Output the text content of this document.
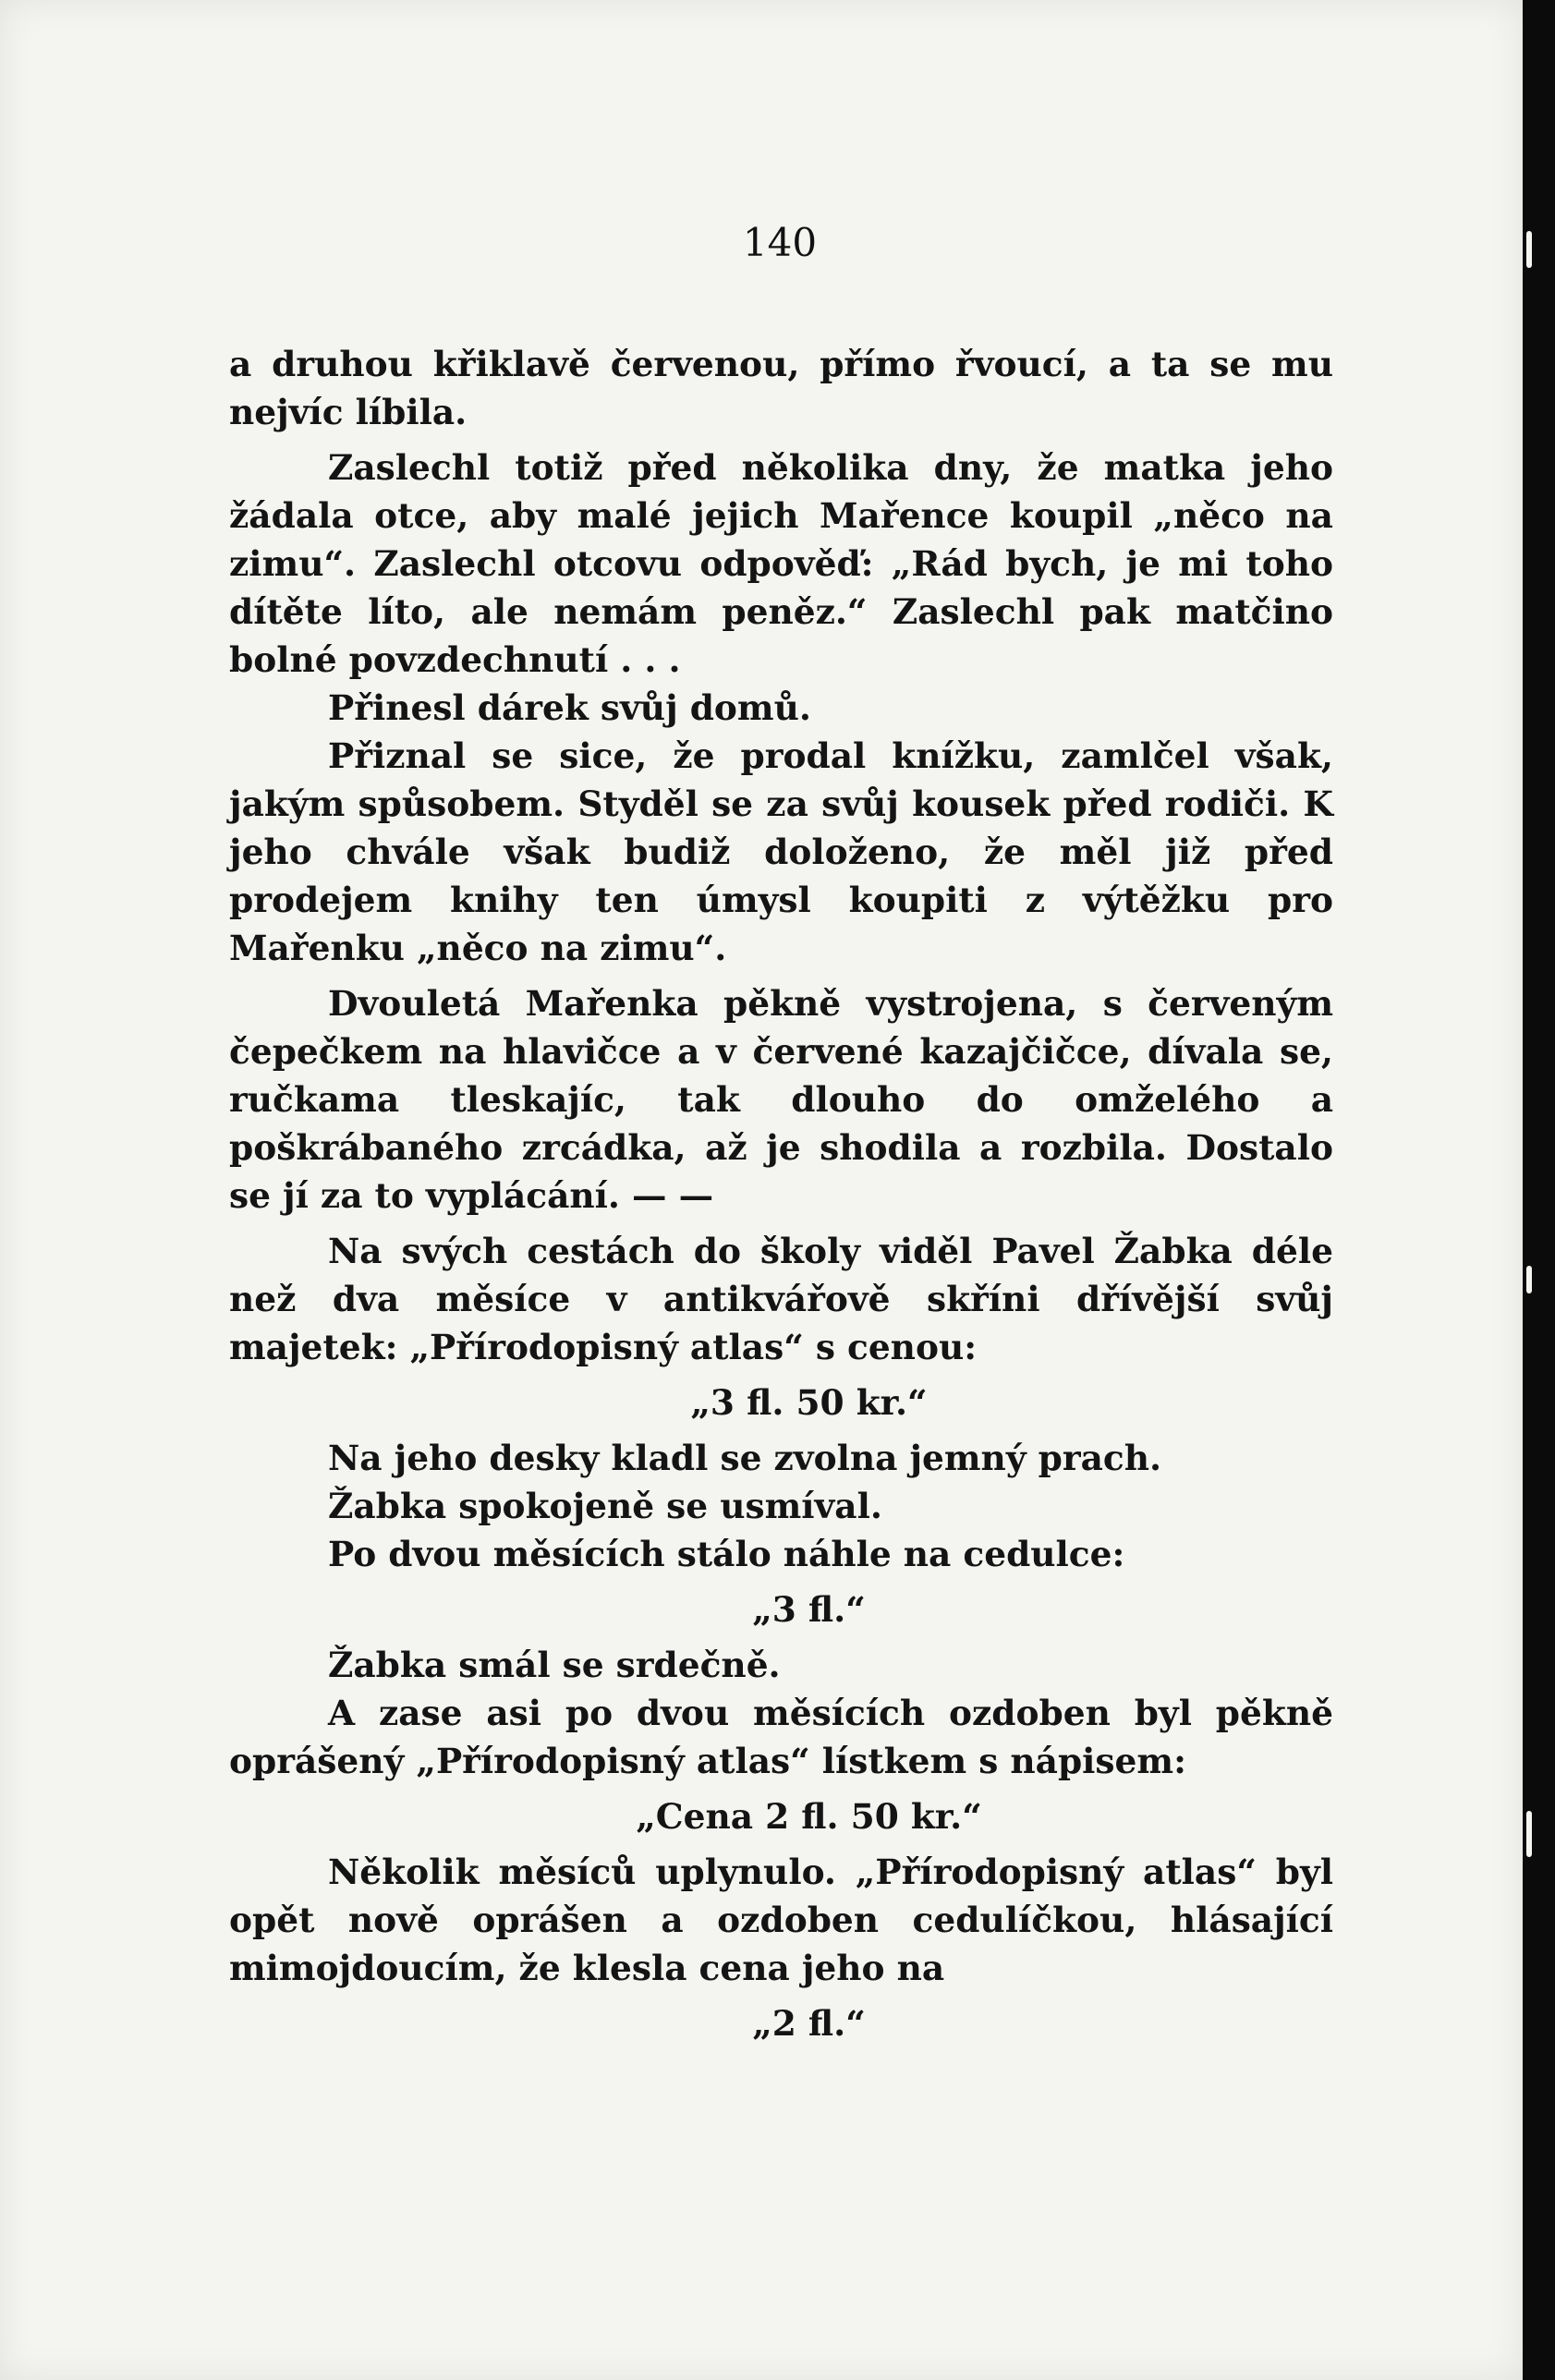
140

a druhou křiklavě červenou, přímo řvoucí, a ta se mu nejvíc líbila.

Zaslechl totiž před několika dny, že matka jeho žádala otce, aby malé jejich Mařence koupil „něco na zimu“. Zaslechl otcovu odpověď: „Rád bych, je mi toho dítěte líto, ale nemám peněz.“ Zaslechl pak matčino bolné povzdechnutí . . .

Přinesl dárek svůj domů.

Přiznal se sice, že prodal knížku, zamlčel však, jakým spůsobem. Styděl se za svůj kousek před rodiči. K jeho chvále však budiž doloženo, že měl již před prodejem knihy ten úmysl koupiti z výtěžku pro Mařenku „něco na zimu“.

Dvouletá Mařenka pěkně vystrojena, s červeným čepečkem na hlavičce a v červené kazajčičce, dívala se, ručkama tleskajíc, tak dlouho do omželého a poškrábaného zrcádka, až je shodila a rozbila. Dostalo se jí za to vyplácání. — —

Na svých cestách do školy viděl Pavel Žabka déle než dva měsíce v antikvářově skříni dřívější svůj majetek: „Přírodopisný atlas“ s cenou:

„3 fl. 50 kr.“

Na jeho desky kladl se zvolna jemný prach.

Žabka spokojeně se usmíval.

Po dvou měsících stálo náhle na cedulce:

„3 fl.“

Žabka smál se srdečně.

A zase asi po dvou měsících ozdoben byl pěkně oprášený „Přírodopisný atlas“ lístkem s nápisem:

„Cena 2 fl. 50 kr.“

Několik měsíců uplynulo. „Přírodopisný atlas“ byl opět nově oprášen a ozdoben cedulíčkou, hlásající mimojdoucím, že klesla cena jeho na

„2 fl.“
